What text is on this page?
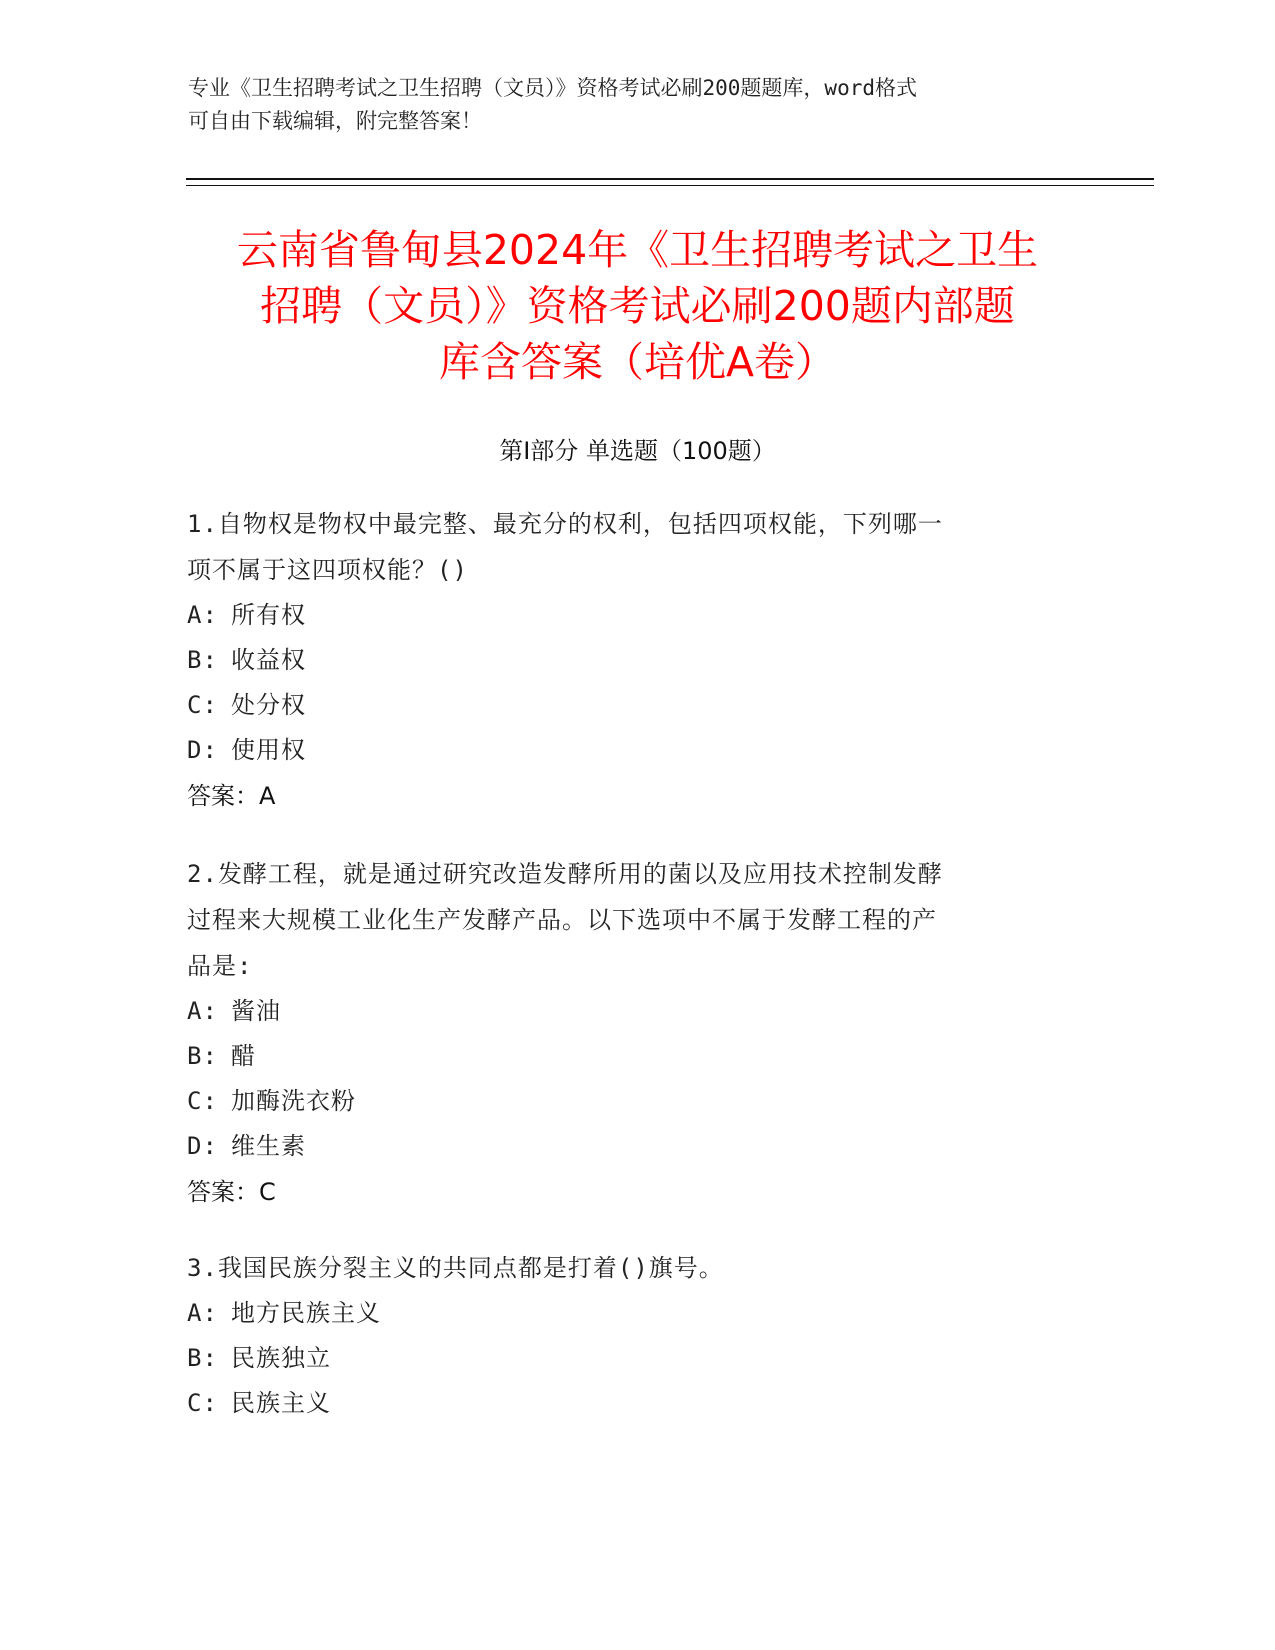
专业《卫生招聘考试之卫生招聘（文员）》资格考试必刷200题题库，word格式
可自由下载编辑，附完整答案！
云南省鲁甸县2024年《卫生招聘考试之卫生
招聘（文员）》资格考试必刷200题内部题
库含答案（培优A卷）
第Ⅰ部分 单选题（100题）
1.自物权是物权中最完整、最充分的权利，包括四项权能，下列哪一
项不属于这四项权能？()
A: 所有权
B: 收益权
C: 处分权
D: 使用权
答案：A
2.发酵工程，就是通过研究改造发酵所用的菌以及应用技术控制发酵
过程来大规模工业化生产发酵产品。以下选项中不属于发酵工程的产
品是:
A: 酱油
B: 醋
C: 加酶洗衣粉
D: 维生素
答案：C
3.我国民族分裂主义的共同点都是打着()旗号。
A: 地方民族主义
B: 民族独立
C: 民族主义
